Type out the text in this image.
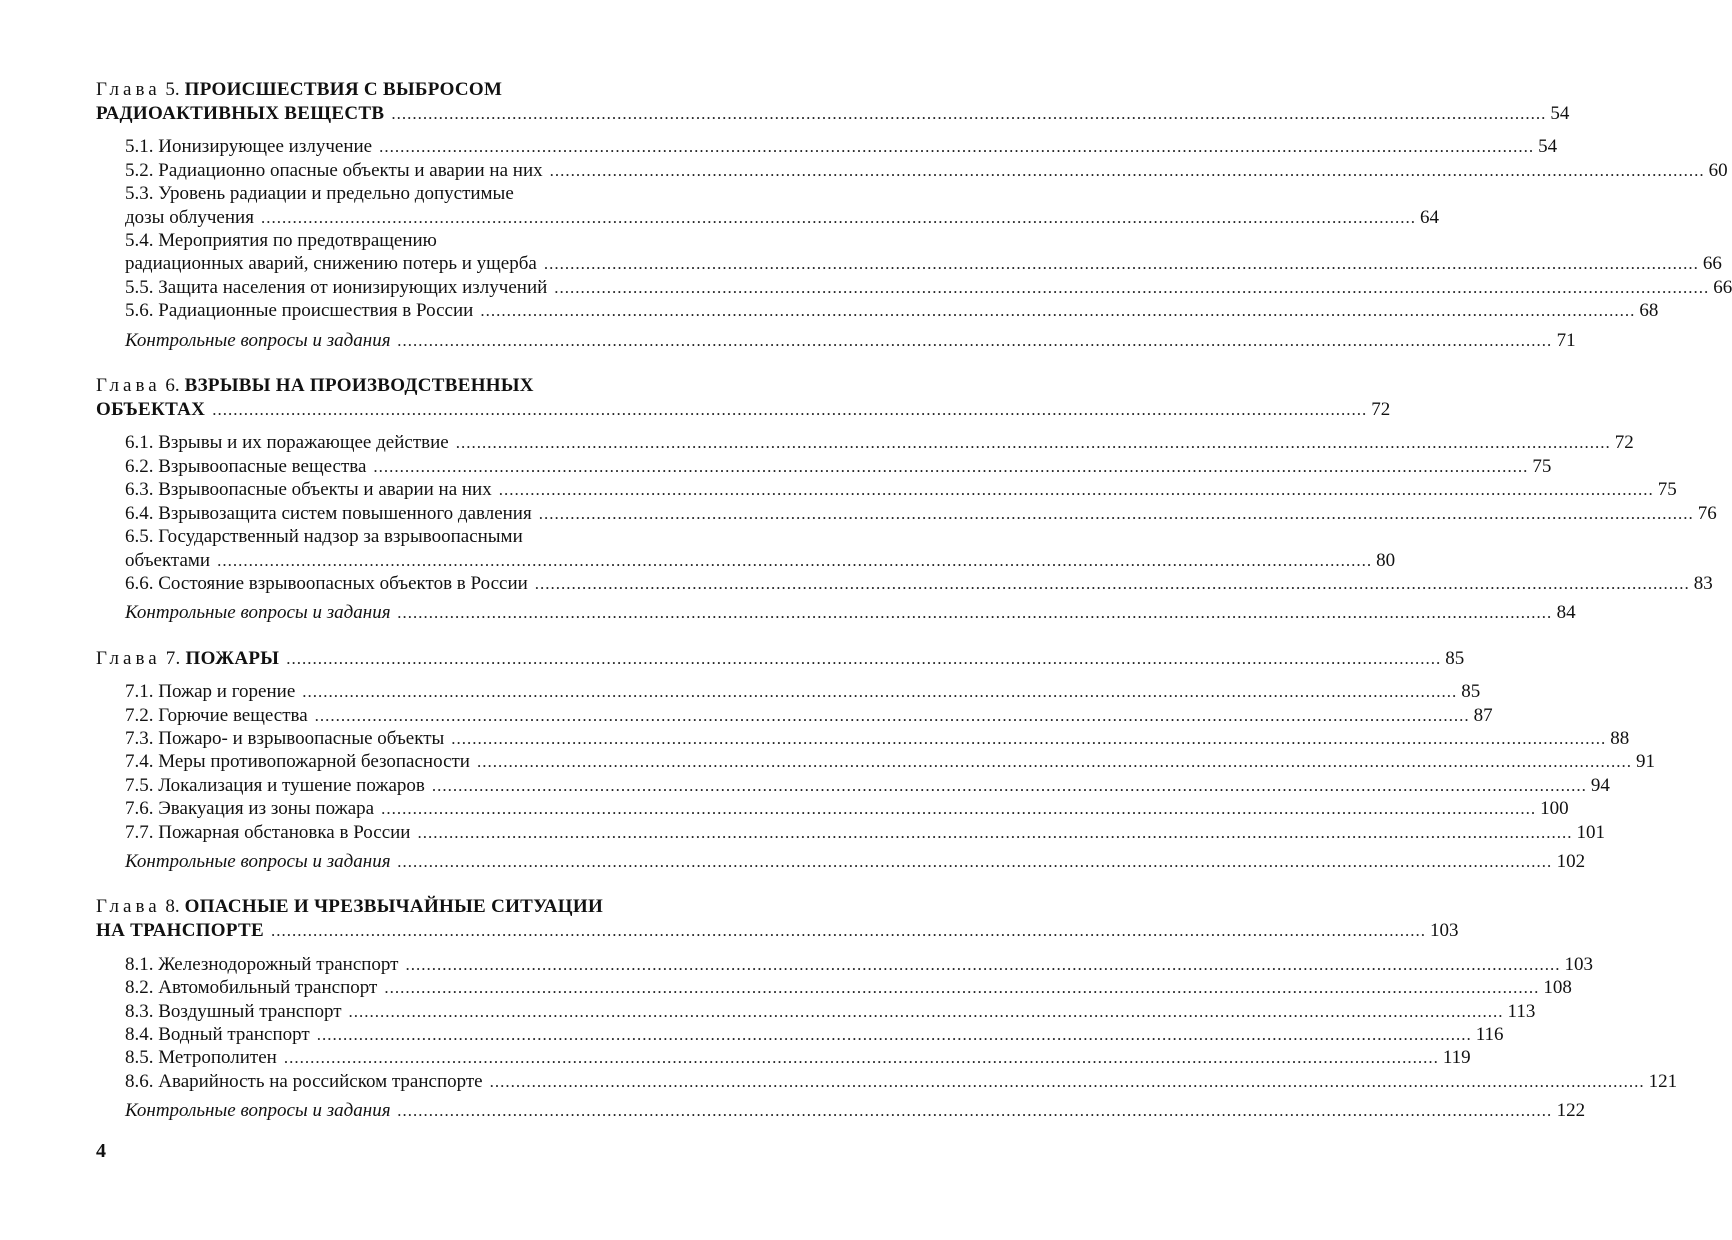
Глава 5. ПРОИСШЕСТВИЯ С ВЫБРОСОМ
РАДИОАКТИВНЫХ ВЕЩЕСТВ ............................................................................................................................................................................................................................ 54
5.1. Ионизирующее излучение ............................................................................................................................................................................................................................ 54
5.2. Радиационно опасные объекты и аварии на них ............................................................................................................................................................................................................................ 60
5.3. Уровень радиации и предельно допустимые
дозы облучения ............................................................................................................................................................................................................................ 64
5.4. Мероприятия по предотвращению
радиационных аварий, снижению потерь и ущерба ............................................................................................................................................................................................................................ 66
5.5. Защита населения от ионизирующих излучений ............................................................................................................................................................................................................................ 66
5.6. Радиационные происшествия в России ............................................................................................................................................................................................................................ 68
Контрольные вопросы и задания ............................................................................................................................................................................................................................ 71
Глава 6. ВЗРЫВЫ НА ПРОИЗВОДСТВЕННЫХ
ОБЪЕКТАХ ............................................................................................................................................................................................................................ 72
6.1. Взрывы и их поражающее действие ............................................................................................................................................................................................................................ 72
6.2. Взрывоопасные вещества ............................................................................................................................................................................................................................ 75
6.3. Взрывоопасные объекты и аварии на них ............................................................................................................................................................................................................................ 75
6.4. Взрывозащита систем повышенного давления ............................................................................................................................................................................................................................ 76
6.5. Государственный надзор за взрывоопасными
объектами ............................................................................................................................................................................................................................ 80
6.6. Состояние взрывоопасных объектов в России ............................................................................................................................................................................................................................ 83
Контрольные вопросы и задания ............................................................................................................................................................................................................................ 84
Глава 7. ПОЖАРЫ ............................................................................................................................................................................................................................ 85
7.1. Пожар и горение ............................................................................................................................................................................................................................ 85
7.2. Горючие вещества ............................................................................................................................................................................................................................ 87
7.3. Пожаро- и взрывоопасные объекты ............................................................................................................................................................................................................................ 88
7.4. Меры противопожарной безопасности ............................................................................................................................................................................................................................ 91
7.5. Локализация и тушение пожаров ............................................................................................................................................................................................................................ 94
7.6. Эвакуация из зоны пожара ............................................................................................................................................................................................................................ 100
7.7. Пожарная обстановка в России ............................................................................................................................................................................................................................ 101
Контрольные вопросы и задания ............................................................................................................................................................................................................................ 102
Глава 8. ОПАСНЫЕ И ЧРЕЗВЫЧАЙНЫЕ СИТУАЦИИ
НА ТРАНСПОРТЕ ............................................................................................................................................................................................................................ 103
8.1. Железнодорожный транспорт ............................................................................................................................................................................................................................ 103
8.2. Автомобильный транспорт ............................................................................................................................................................................................................................ 108
8.3. Воздушный транспорт ............................................................................................................................................................................................................................ 113
8.4. Водный транспорт ............................................................................................................................................................................................................................ 116
8.5. Метрополитен ............................................................................................................................................................................................................................ 119
8.6. Аварийность на российском транспорте ............................................................................................................................................................................................................................ 121
Контрольные вопросы и задания ............................................................................................................................................................................................................................ 122
4
